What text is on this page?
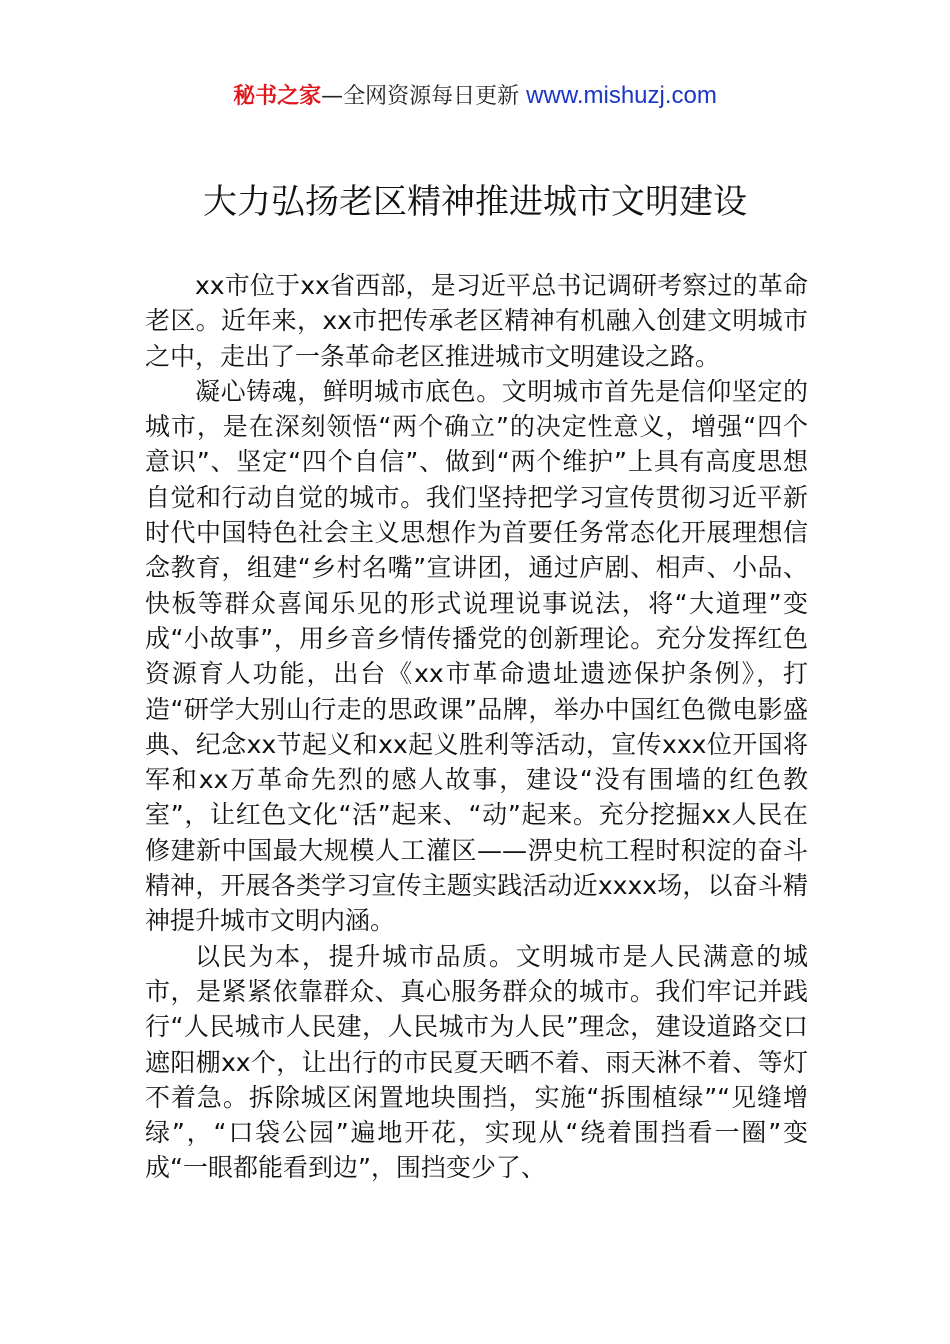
秘书之家—全网资源每日更新 www.mishuzj.com
大力弘扬老区精神推进城市文明建设

xx市位于xx省西部，是习近平总书记调研考察过的革命老区。近年来，xx市把传承老区精神有机融入创建文明城市之中，走出了一条革命老区推进城市文明建设之路。

凝心铸魂，鲜明城市底色。文明城市首先是信仰坚定的城市，是在深刻领悟“两个确立”的决定性意义，增强“四个意识”、坚定“四个自信”、做到“两个维护”上具有高度思想自觉和行动自觉的城市。我们坚持把学习宣传贯彻习近平新时代中国特色社会主义思想作为首要任务常态化开展理想信念教育，组建“乡村名嘴”宣讲团，通过庐剧、相声、小品、快板等群众喜闻乐见的形式说理说事说法，将“大道理”变成“小故事”，用乡音乡情传播党的创新理论。充分发挥红色资源育人功能，出台《xx市革命遗址遗迹保护条例》，打造“研学大别山行走的思政课”品牌，举办中国红色微电影盛典、纪念xx节起义和xx起义胜利等活动，宣传xxx位开国将军和xx万革命先烈的感人故事，建设“没有围墙的红色教室”，让红色文化“活”起来、“动”起来。充分挖掘xx人民在修建新中国最大规模人工灌区——淠史杭工程时积淀的奋斗精神，开展各类学习宣传主题实践活动近xxxx场，以奋斗精神提升城市文明内涵。

以民为本，提升城市品质。文明城市是人民满意的城市，是紧紧依靠群众、真心服务群众的城市。我们牢记并践行“人民城市人民建，人民城市为人民”理念，建设道路交口遮阳棚xx个，让出行的市民夏天晒不着、雨天淋不着、等灯不着急。拆除城区闲置地块围挡，实施“拆围植绿”“见缝增绿”，“口袋公园”遍地开花，实现从“绕着围挡看一圈”变成“一眼都能看到边”，围挡变少了、
